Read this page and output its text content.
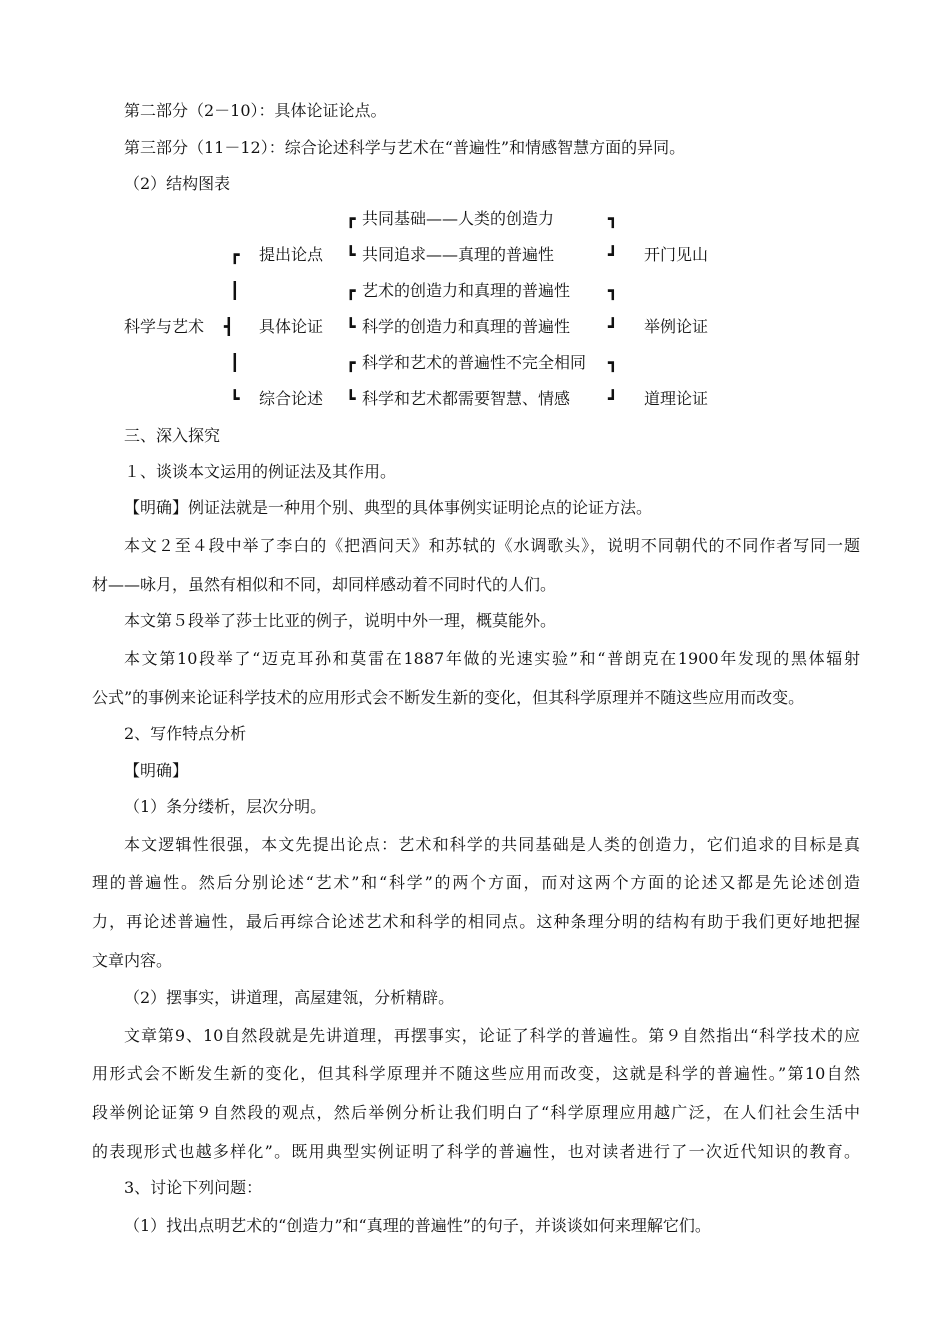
第二部分（2－10）：具体论证论点。
第三部分（11－12）：综合论述科学与艺术在“普遍性”和情感智慧方面的异同。
（2）结构图表
科学与艺术
┏
┃
┫
┃
┗
提出论点
具体论证
综合论述
┏
┗
┏
┗
┏
┗
共同基础——人类的创造力
共同追求——真理的普遍性
艺术的创造力和真理的普遍性
科学的创造力和真理的普遍性
科学和艺术的普遍性不完全相同
科学和艺术都需要智慧、情感
┓
┛
┓
┛
┓
┛
开门见山
举例论证
道理论证
三、深入探究
１、谈谈本文运用的例证法及其作用。
【明确】例证法就是一种用个别、典型的具体事例实证明论点的论证方法。
本文２至４段中举了李白的《把酒问天》和苏轼的《水调歌头》，说明不同朝代的不同作者写同一题
材——咏月，虽然有相似和不同，却同样感动着不同时代的人们。
本文第５段举了莎士比亚的例子，说明中外一理，概莫能外。
本文第10段举了“迈克耳孙和莫雷在1887年做的光速实验”和“普朗克在1900年发现的黑体辐射
公式”的事例来论证科学技术的应用形式会不断发生新的变化，但其科学原理并不随这些应用而改变。
2、写作特点分析
【明确】
（1）条分缕析，层次分明。
本文逻辑性很强，本文先提出论点：艺术和科学的共同基础是人类的创造力，它们追求的目标是真
理的普遍性。然后分别论述“艺术”和“科学”的两个方面，而对这两个方面的论述又都是先论述创造
力，再论述普遍性，最后再综合论述艺术和科学的相同点。这种条理分明的结构有助于我们更好地把握
文章内容。
（2）摆事实，讲道理，高屋建瓴，分析精辟。
文章第9、10自然段就是先讲道理，再摆事实，论证了科学的普遍性。第９自然指出“科学技术的应
用形式会不断发生新的变化，但其科学原理并不随这些应用而改变，这就是科学的普遍性。”第10自然
段举例论证第９自然段的观点，然后举例分析让我们明白了“科学原理应用越广泛，在人们社会生活中
的表现形式也越多样化”。既用典型实例证明了科学的普遍性，也对读者进行了一次近代知识的教育。
3、讨论下列问题：
（1）找出点明艺术的“创造力”和“真理的普遍性”的句子，并谈谈如何来理解它们。
